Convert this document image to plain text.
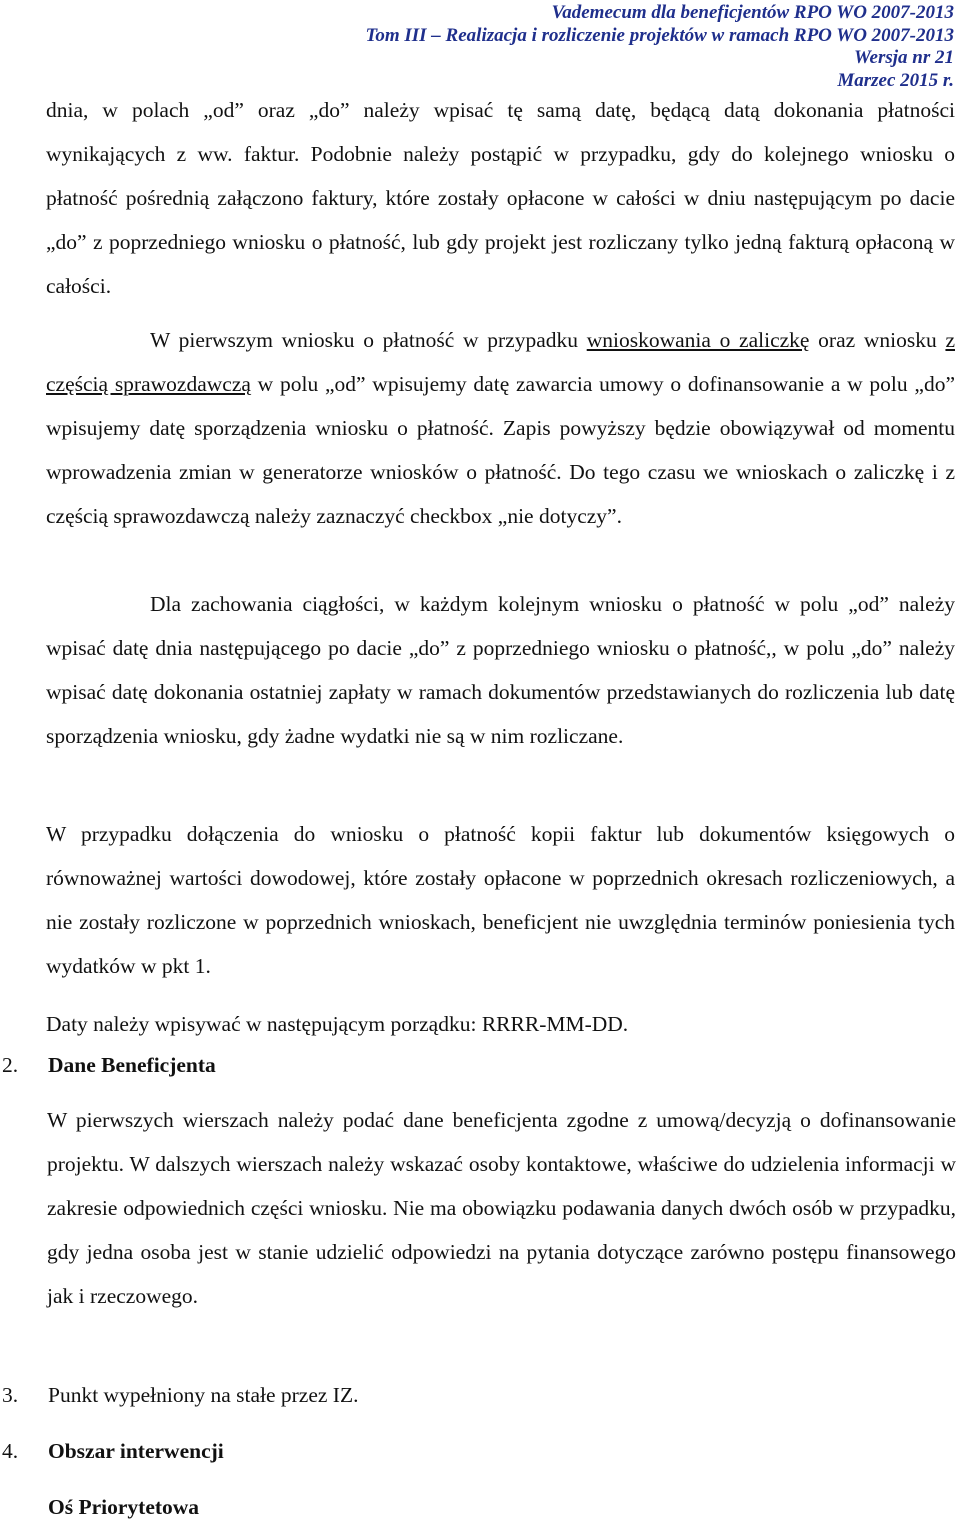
Vademecum dla beneficjentów RPO WO 2007-2013
Tom III – Realizacja i rozliczenie projektów w ramach RPO WO 2007-2013
Wersja nr 21
Marzec 2015 r.

dnia, w polach „od” oraz „do” należy wpisać tę samą datę, będącą datą dokonania płatności wynikających z ww. faktur. Podobnie należy postąpić w przypadku, gdy do kolejnego wniosku o płatność pośrednią załączono faktury, które zostały opłacone w całości w dniu następującym po dacie „do” z poprzedniego wniosku o płatność, lub gdy projekt jest rozliczany tylko jedną fakturą opłaconą w całości.

W pierwszym wniosku o płatność w przypadku wnioskowania o zaliczkę oraz wniosku z częścią sprawozdawczą w polu „od” wpisujemy datę zawarcia umowy o dofinansowanie a w polu „do” wpisujemy datę sporządzenia wniosku o płatność. Zapis powyższy będzie obowiązywał od momentu wprowadzenia zmian w generatorze wniosków o płatność. Do tego czasu we wnioskach o zaliczkę i z częścią sprawozdawczą należy zaznaczyć checkbox „nie dotyczy”.

Dla zachowania ciągłości, w każdym kolejnym wniosku o płatność w polu „od” należy wpisać datę dnia następującego po dacie „do” z poprzedniego wniosku o płatność,, w polu „do” należy wpisać datę dokonania ostatniej zapłaty w ramach dokumentów przedstawianych do rozliczenia lub datę sporządzenia wniosku, gdy żadne wydatki nie są w nim rozliczane.

W przypadku dołączenia do wniosku o płatność kopii faktur lub dokumentów księgowych o równoważnej wartości dowodowej, które zostały opłacone w poprzednich okresach rozliczeniowych, a nie zostały rozliczone w poprzednich wnioskach, beneficjent nie uwzględnia terminów poniesienia tych wydatków w pkt 1.

Daty należy wpisywać w następującym porządku: RRRR-MM-DD.

2. Dane Beneficjenta

W pierwszych wierszach należy podać dane beneficjenta zgodne z umową/decyzją o dofinansowanie projektu. W dalszych wierszach należy wskazać osoby kontaktowe, właściwe do udzielenia informacji w zakresie odpowiednich części wniosku. Nie ma obowiązku podawania danych dwóch osób w przypadku, gdy jedna osoba jest w stanie udzielić odpowiedzi na pytania dotyczące zarówno postępu finansowego jak i rzeczowego.

3. Punkt wypełniony na stałe przez IZ.
4. Obszar interwencji
Oś Priorytetowa
